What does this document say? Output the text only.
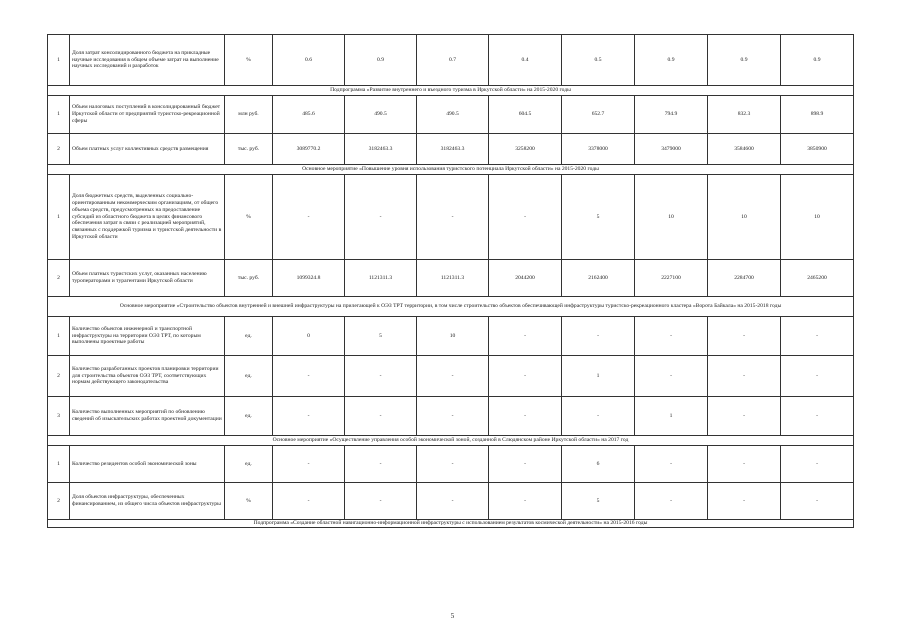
1	Доля затрат консолидированного бюджета на прикладные научные исследования в общем объеме затрат на выполнение научных исследований и разработок	%	0.6	0.9	0.7	0.4	0.5	0.9	0.9	0.9
Подпрограмма «Развитие внутреннего и въездного туризма в Иркутской области» на 2015-2020 годы										
1	Объем налоговых поступлений в консолидированный бюджет Иркутской области от предприятий туристско-рекреационной сферы	млн руб.	485.6	490.5	490.5	604.5	652.7	794.9	832.3	898.9
2	Объем платных услуг коллективных средств размещения	тыс. руб.	3089770.2	3182463.3	3182463.3	3258200	3378000	3479000	3584600	3850900
Основное мероприятие «Повышение уровня использования туристского потенциала Иркутской области» на 2015-2020 годы										
1	Доля бюджетных средств, выделенных социально-ориентированным некоммерческим организациям, от общего объема средств, предусмотренных на предоставление субсидий из областного бюджета в целях финансового обеспечения затрат в связи с реализацией мероприятий, связанных с поддержкой туризма и туристской деятельности в Иркутской области	%	-	-	-	-	5	10	10	10
2	Объем платных туристских услуг, оказанных населению туроператорами и турагентами Иркутской области	тыс. руб.	1099324.8	1121311.3	1121311.3	2044200	2162400	2227100	2284700	2465200
Основное мероприятие «Строительство объектов внутренней и внешней инфраструктуры на прилегающей к ОЭЗ ТРТ территории, в том числе строительство объектов обеспечивающей инфраструктуры туристско-рекреационного кластера «Ворота Байкала» на 2015-2018 годы										
1	Количество объектов инженерной и транспортной инфраструктуры на территории ОЭЗ ТРТ, по которым выполнены проектные работы	ед.	0	5	10	-	-	-	-	-
2	Количество разработанных проектов планировки территории для строительства объектов ОЭЗ ТРТ, соответствующих нормам действующего законодательства	ед.	-	-	-	-	1	-	-	-
3	Количество выполненных мероприятий по обновлению сведений об изыскательских работах проектной документации	ед.	-	-	-	-	-	1	-	-
Основное мероприятие «Осуществление управления особой экономической зоной, созданной в Слюдянском районе Иркутской области» на 2017 год										
1	Количество резидентов особой экономической зоны	ед.	-	-	-	-	6	-	-	-
2	Доля объектов инфраструктуры, обеспеченных финансированием, из общего числа объектов инфраструктуры	%	-	-	-	-	5	-	-	-
Подпрограмма «Создание областной навигационно-информационной инфраструктуры с использованием результатов космической деятельности» на 2015-2016 годы										
5
